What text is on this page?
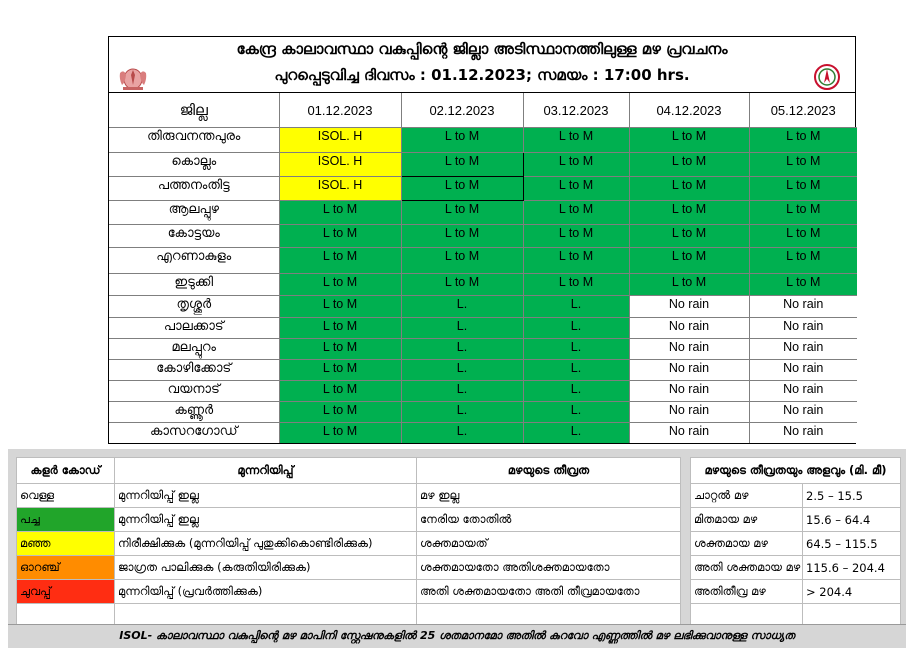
കേന്ദ്ര കാലാവസ്ഥാ വകുപ്പിന്റെ ജില്ലാ അടിസ്ഥാനത്തിലുള്ള മഴ പ്രവചനം
പുറപ്പെടുവിച്ച ദിവസം : 01.12.2023; സമയം : 17:00 hrs.
ജില്ല	01.12.2023	02.12.2023	03.12.2023	04.12.2023	05.12.2023
തിരുവനന്തപുരം	ISOL. H	L to M	L to M	L to M	L to M
കൊല്ലം	ISOL. H	L to M	L to M	L to M	L to M
പത്തനംതിട്ട	ISOL. H	L to M	L to M	L to M	L to M
ആലപ്പുഴ	L to M	L to M	L to M	L to M	L to M
കോട്ടയം	L to M	L to M	L to M	L to M	L to M
എറണാകുളം	L to M	L to M	L to M	L to M	L to M
ഇടുക്കി	L to M	L to M	L to M	L to M	L to M
തൃശ്ശൂർ	L to M	L.	L.	No rain	No rain
പാലക്കാട്	L to M	L.	L.	No rain	No rain
മലപ്പുറം	L to M	L.	L.	No rain	No rain
കോഴിക്കോട്	L to M	L.	L.	No rain	No rain
വയനാട്	L to M	L.	L.	No rain	No rain
കണ്ണൂർ	L to M	L.	L.	No rain	No rain
കാസറഗോഡ്	L to M	L.	L.	No rain	No rain
കളർ കോഡ്	മുന്നറിയിപ്പ്	മഴയുടെ തീവ്രത
വെള്ള	മുന്നറിയിപ്പ് ഇല്ല	മഴ ഇല്ല
പച്ച	മുന്നറിയിപ്പ് ഇല്ല	നേരിയ തോതിൽ
മഞ്ഞ	നിരീക്ഷിക്കുക (മുന്നറിയിപ്പ് പുതുക്കികൊണ്ടിരിക്കുക)	ശക്തമായത്
ഓറഞ്ച്	ജാഗ്രത പാലിക്കുക (കരുതിയിരിക്കുക)	ശക്തമായതോ അതിശക്തമായതോ
ചുവപ്പ്	മുന്നറിയിപ്പ് (പ്രവർത്തിക്കുക)	അതി ശക്തമായതോ അതി തീവ്രമായതോ

മഴയുടെ തീവ്രതയും അളവും (മി. മീ)	
ചാറ്റൽ മഴ	2.5 – 15.5
മിതമായ മഴ	15.6 – 64.4
ശക്തമായ മഴ	64.5 – 115.5
അതി ശക്തമായ മഴ	115.6 – 204.4
അതിതീവ്ര മഴ	> 204.4

ISOL- കാലാവസ്ഥാ വകുപ്പിന്റെ മഴ മാപിനി സ്റ്റേഷനുകളിൽ 25 ശതമാനമോ അതിൽ കുറവോ എണ്ണത്തിൽ മഴ ലഭിക്കുവാനുള്ള സാധ്യത
